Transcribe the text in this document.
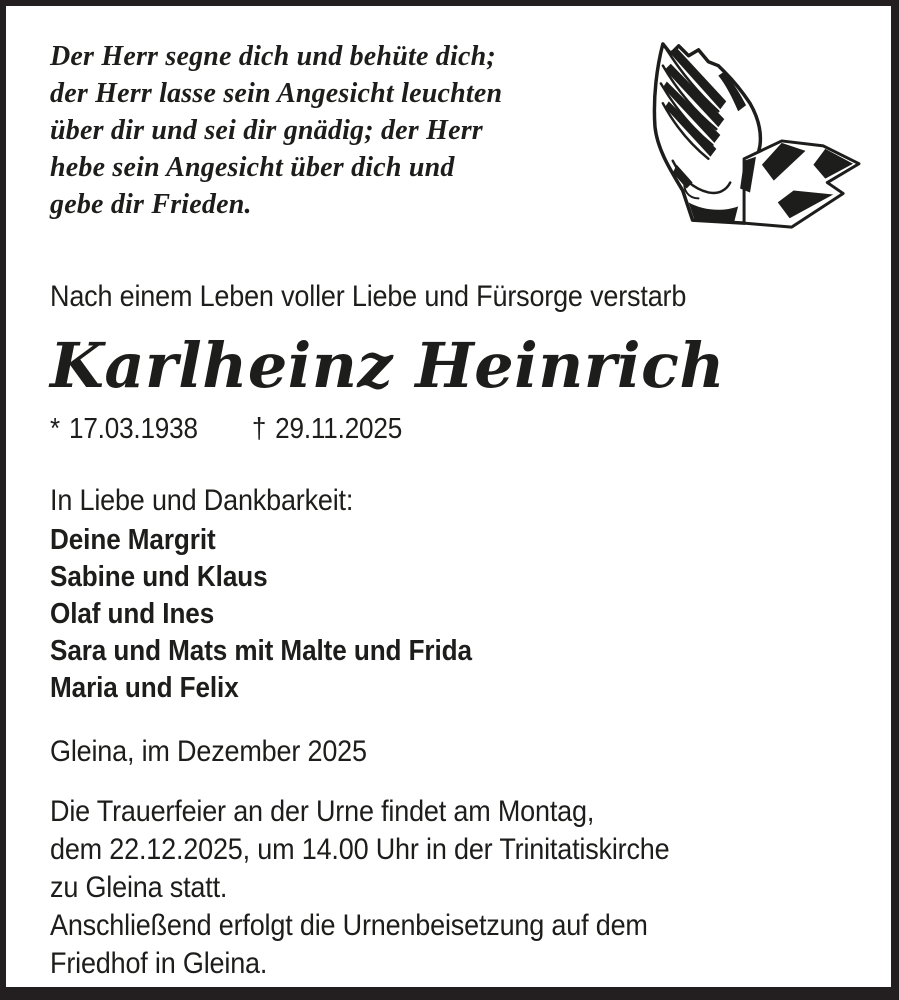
Der Herr segne dich und behüte dich;
der Herr lasse sein Angesicht leuchten
über dir und sei dir gnädig; der Herr
hebe sein Angesicht über dich und
gebe dir Frieden.
Nach einem Leben voller Liebe und Fürsorge verstarb
Karlheinz Heinrich
* 17.03.1938 † 29.11.2025
In Liebe und Dankbarkeit:
Deine Margrit
Sabine und Klaus
Olaf und Ines
Sara und Mats mit Malte und Frida
Maria und Felix
Gleina, im Dezember 2025
Die Trauerfeier an der Urne findet am Montag,
dem 22.12.2025, um 14.00 Uhr in der Trinitatiskirche
zu Gleina statt.
Anschließend erfolgt die Urnenbeisetzung auf dem
Friedhof in Gleina.
